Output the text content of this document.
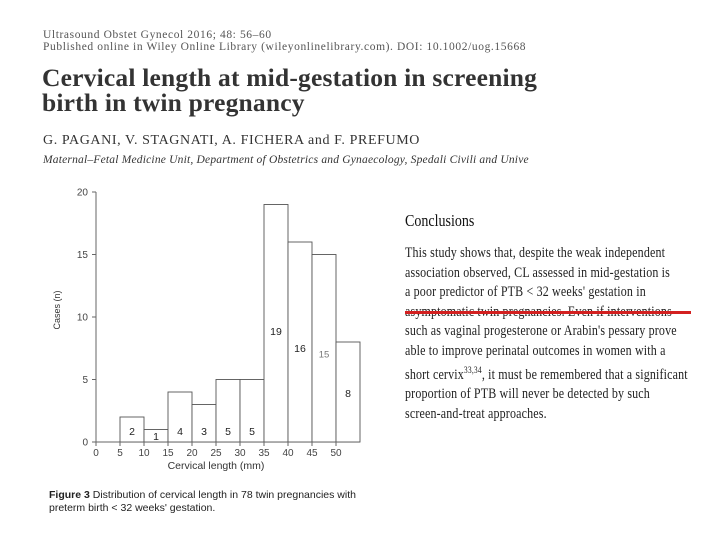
Ultrasound Obstet Gynecol 2016; 48: 56–60
Published online in Wiley Online Library (wileyonlinelibrary.com). DOI: 10.1002/uog.15668
Cervical length at mid-gestation in screening
birth in twin pregnancy
G. PAGANI, V. STAGNATI, A. FICHERA and F. PREFUMO
Maternal–Fetal Medicine Unit, Department of Obstetrics and Gynaecology, Spedali Civili and Unive
2 1 4 3 5 5
19
16
15
8
0
5
10
15
20
0 5 10 15 20 25 30 35 40 45 50
Cases (n)
Cervical length (mm)
Figure 3 Distribution of cervical length in 78 twin pregnancies with
preterm birth < 32 weeks' gestation.
Conclusions
This study shows that, despite the weak independent
association observed, CL assessed in mid-gestation is
a poor predictor of PTB < 32 weeks' gestation in
such as vaginal progesterone or Arabin's pessary prove
able to improve perinatal outcomes in women with a
short cervix$^{33,34}$, it must be remembered that a significant
proportion of PTB will never be detected by such
screen-and-treat approaches.
